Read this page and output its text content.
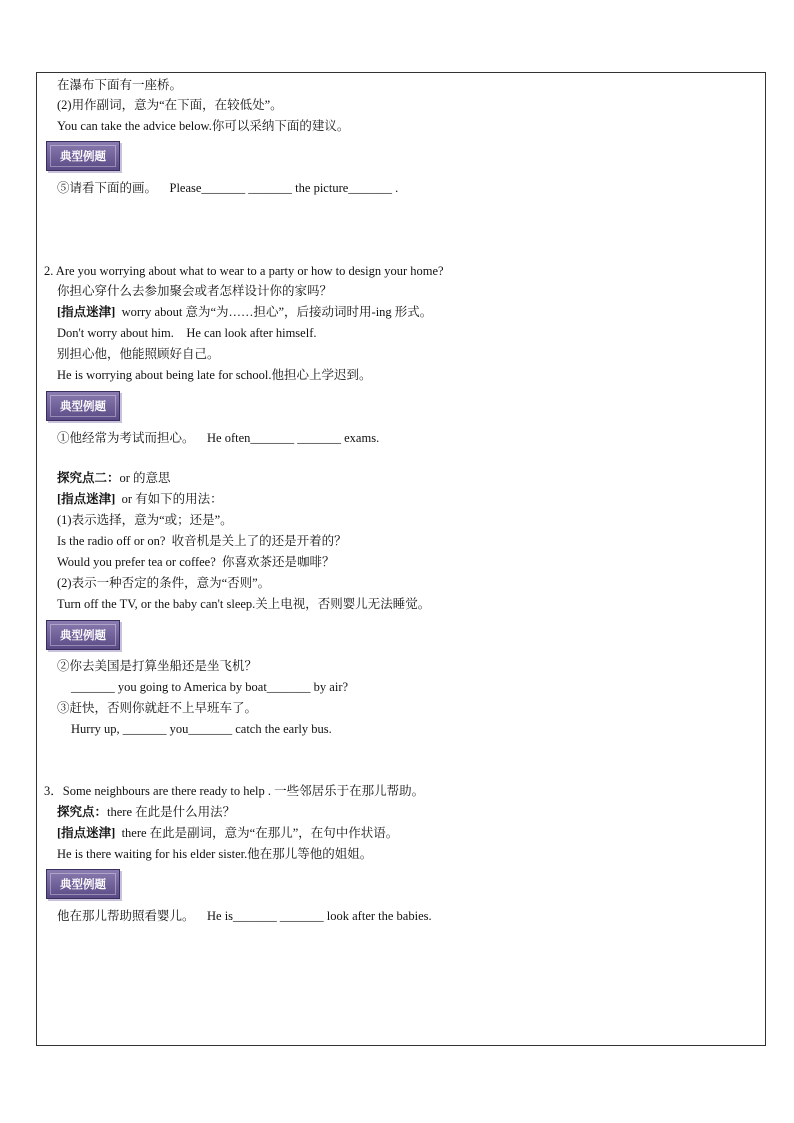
在瀑布下面有一座桥。
(2)用作副词，意为“在下面，在较低处”。
You can take the advice below.你可以采纳下面的建议。
典型例题
⑤请看下面的画。    Please_______ _______ the picture_______ .
2. Are you worrying about what to wear to a party or how to design your home?
你担心穿什么去参加聚会或者怎样设计你的家吗？
[指点迷津]  worry about 意为“为……担心”，后接动词时用-ing 形式。
Don't worry about him.    He can look after himself.
别担心他，他能照顾好自己。
He is worrying about being late for school.他担心上学迟到。
典型例题
①他经常为考试而担心。    He often_______ _______ exams.
探究点二：or 的意思
[指点迷津]  or 有如下的用法：
(1)表示选择，意为“或；还是”。
Is the radio off or on?  收音机是关上了的还是开着的？
Would you prefer tea or coffee?  你喜欢茶还是咖啡？
(2)表示一种否定的条件，意为“否则”。
Turn off the TV, or the baby can't sleep.关上电视，否则婴儿无法睡觉。
典型例题
②你去美国是打算坐船还是坐飞机？
_______ you going to America by boat_______ by air?
③赶快，否则你就赶不上早班车了。
Hurry up, _______ you_______ catch the early bus.
3．Some neighbours are there ready to help . 一些邻居乐于在那儿帮助。
探究点：there 在此是什么用法？
[指点迷津]  there 在此是副词，意为“在那儿”，在句中作状语。
He is there waiting for his elder sister.他在那儿等他的姐姐。
典型例题
他在那儿帮助照看婴儿。    He is_______ _______ look after the babies.
